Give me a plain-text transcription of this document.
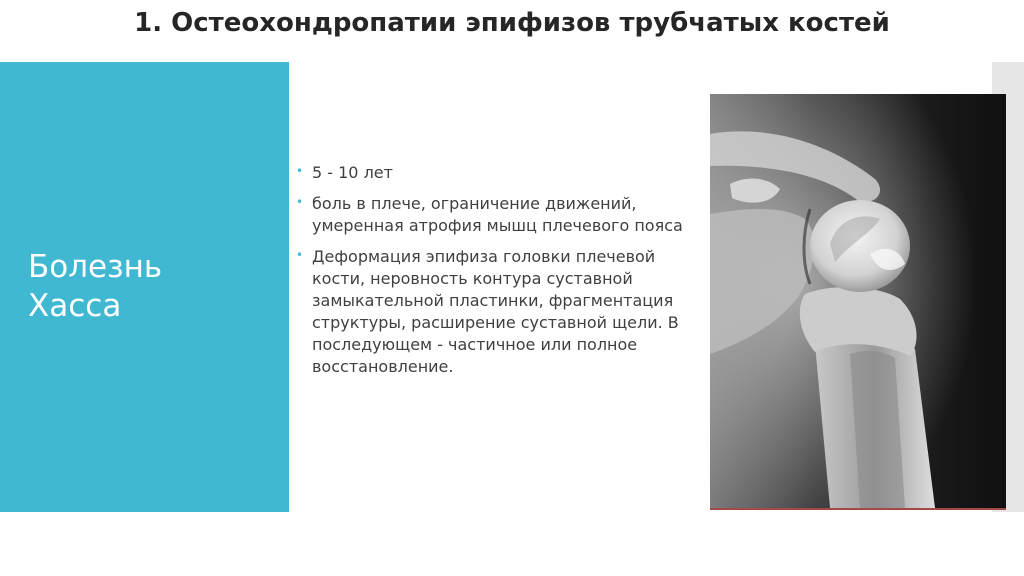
1. Остеохондропатии эпифизов трубчатых костей
Болезнь
Хасса
• 5 - 10 лет
• боль в плече, ограничение движений, умеренная атрофия мышц плечевого пояса
• Деформация эпифиза головки плечевой кости, неровность контура суставной замыкательной пластинки, фрагментация структуры, расширение суставной щели. В последующем - частичное или полное восстановление.
